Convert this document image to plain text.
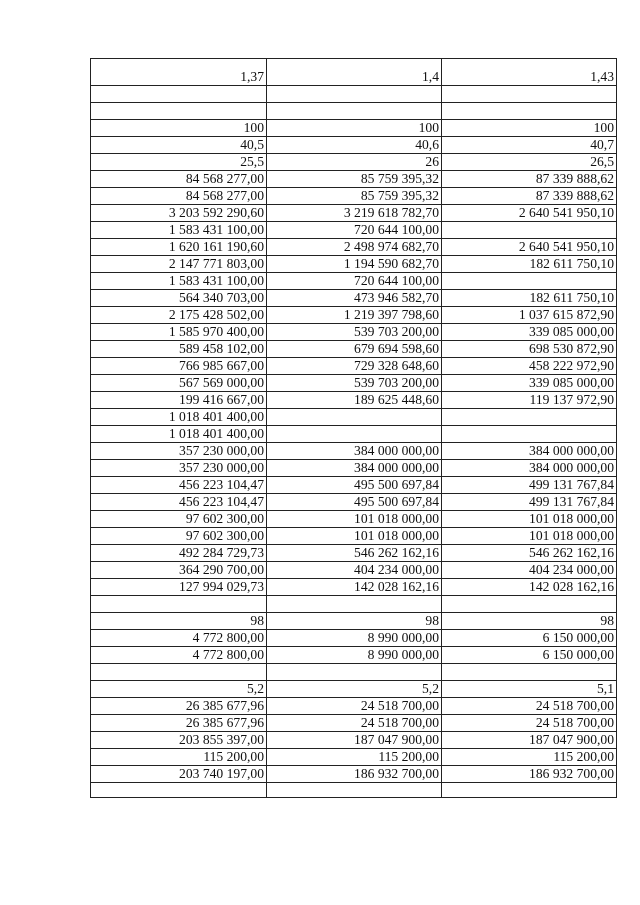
1,37	1,4	1,43

100	100	100
40,5	40,6	40,7
25,5	26	26,5
84 568 277,00	85 759 395,32	87 339 888,62
84 568 277,00	85 759 395,32	87 339 888,62
3 203 592 290,60	3 219 618 782,70	2 640 541 950,10
1 583 431 100,00	720 644 100,00	
1 620 161 190,60	2 498 974 682,70	2 640 541 950,10
2 147 771 803,00	1 194 590 682,70	182 611 750,10
1 583 431 100,00	720 644 100,00	
564 340 703,00	473 946 582,70	182 611 750,10
2 175 428 502,00	1 219 397 798,60	1 037 615 872,90
1 585 970 400,00	539 703 200,00	339 085 000,00
589 458 102,00	679 694 598,60	698 530 872,90
766 985 667,00	729 328 648,60	458 222 972,90
567 569 000,00	539 703 200,00	339 085 000,00
199 416 667,00	189 625 448,60	119 137 972,90
1 018 401 400,00		
1 018 401 400,00		
357 230 000,00	384 000 000,00	384 000 000,00
357 230 000,00	384 000 000,00	384 000 000,00
456 223 104,47	495 500 697,84	499 131 767,84
456 223 104,47	495 500 697,84	499 131 767,84
97 602 300,00	101 018 000,00	101 018 000,00
97 602 300,00	101 018 000,00	101 018 000,00
492 284 729,73	546 262 162,16	546 262 162,16
364 290 700,00	404 234 000,00	404 234 000,00
127 994 029,73	142 028 162,16	142 028 162,16

98	98	98
4 772 800,00	8 990 000,00	6 150 000,00
4 772 800,00	8 990 000,00	6 150 000,00

5,2	5,2	5,1
26 385 677,96	24 518 700,00	24 518 700,00
26 385 677,96	24 518 700,00	24 518 700,00
203 855 397,00	187 047 900,00	187 047 900,00
115 200,00	115 200,00	115 200,00
203 740 197,00	186 932 700,00	186 932 700,00
